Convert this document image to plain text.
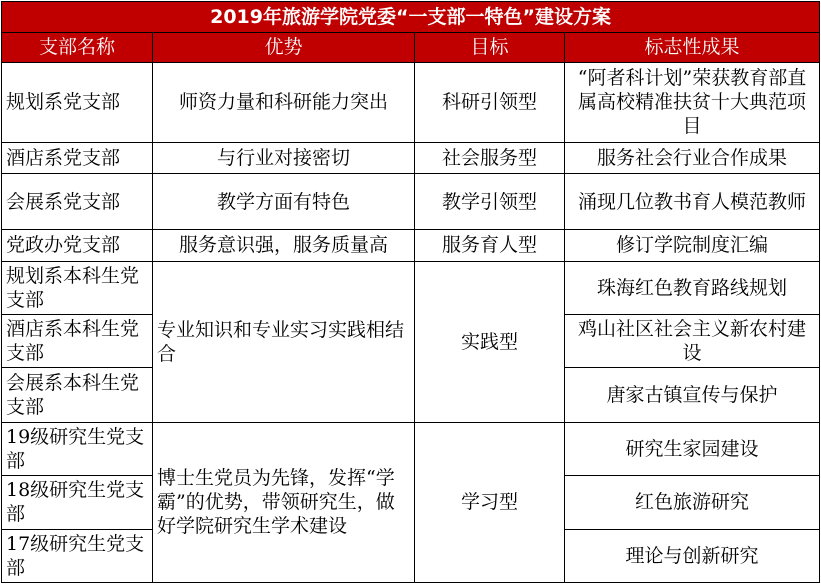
2019年旅游学院党委“一支部一特色”建设方案			
支部名称	优势	目标	标志性成果
规划系党支部	师资力量和科研能力突出	科研引领型	“阿者科计划”荣获教育部直属高校精准扶贫十大典范项目
酒店系党支部	与行业对接密切	社会服务型	服务社会行业合作成果
会展系党支部	教学方面有特色	教学引领型	涌现几位教书育人模范教师
党政办党支部	服务意识强，服务质量高	服务育人型	修订学院制度汇编
规划系本科生党支部	专业知识和专业实习实践相结合	实践型	珠海红色教育路线规划
酒店系本科生党支部			鸡山社区社会主义新农村建设
会展系本科生党支部			唐家古镇宣传与保护
19级研究生党支部	博士生党员为先锋，发挥“学霸”的优势，带领研究生，做好学院研究生学术建设	学习型	研究生家园建设
18级研究生党支部			红色旅游研究
17级研究生党支部			理论与创新研究
